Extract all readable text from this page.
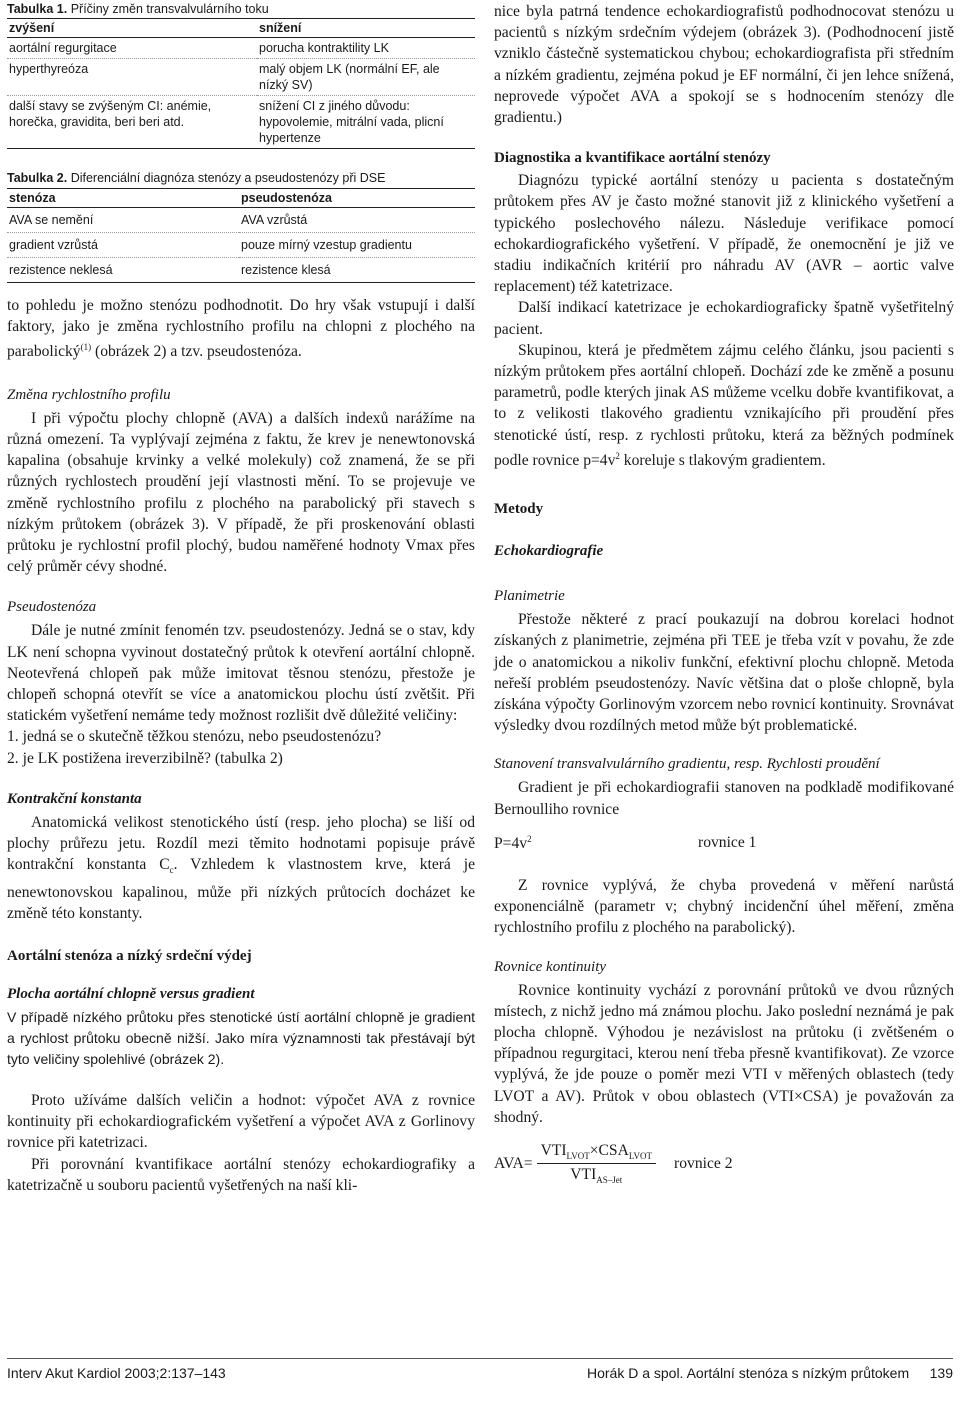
Tabulka 1. Příčiny změn transvalvulárního toku
zvýšení	snížení
aortální regurgitace	porucha kontraktility LK
hyperthyreóza	malý objem LK (normální EF, ale nízký SV)
další stavy se zvýšeným CI: anémie, horečka, gravidita, beri beri atd.	snížení CI z jiného důvodu: hypovolemie, mitrální vada, plicní hypertenze
Tabulka 2. Diferenciální diagnóza stenózy a pseudostenózy při DSE
stenóza	pseudostenóza
AVA se nemění	AVA vzrůstá
gradient vzrůstá	pouze mírný vzestup gradientu
rezistence neklesá	rezistence klesá

to pohledu je možno stenózu podhodnotit. Do hry však vstupují i další faktory, jako je změna rychlostního profilu na chlopni z plochého na parabolický$^{(1)}$ (obrázek 2) a tzv. pseudostenóza.

Změna rychlostního profilu

I při výpočtu plochy chlopně (AVA) a dalších indexů narážíme na různá omezení. Ta vyplývají zejména z faktu, že krev je nenewtonovská kapalina (obsahuje krvinky a velké molekuly) což znamená, že se při různých rychlostech proudění její vlastnosti mění. To se projevuje ve změně rychlostního profilu z plochého na parabolický při stavech s nízkým průtokem (obrázek 3). V případě, že při proskenování oblasti průtoku je rychlostní profil plochý, budou naměřené hodnoty Vmax přes celý průměr cévy shodné.

Pseudostenóza

Dále je nutné zmínit fenomén tzv. pseudostenózy. Jedná se o stav, kdy LK není schopna vyvinout dostatečný průtok k otevření aortální chlopně. Neotevřená chlopeň pak může imitovat těsnou stenózu, přestože je chlopeň schopná otevřít se více a anatomickou plochu ústí zvětšit. Při statickém vyšetření nemáme tedy možnost rozlišit dvě důležité veličiny:

1. jedná se o skutečně těžkou stenózu, nebo pseudostenózu?
2. je LK postižena ireverzibilně? (tabulka 2)
Kontrakční konstanta

Anatomická velikost stenotického ústí (resp. jeho plocha) se liší od plochy průřezu jetu. Rozdíl mezi těmito hodnotami popisuje právě kontrakční konstanta $C_c$. Vzhledem k vlastnostem krve, která je nenewtonovskou kapalinou, může při nízkých průtocích docházet ke změně této konstanty.

Aortální stenóza a nízký srdeční výdej
Plocha aortální chlopně versus gradient

V případě nízkého průtoku přes stenotické ústí aortální chlopně je gradient a rychlost průtoku obecně nižší. Jako míra významnosti tak přestávají být tyto veličiny spolehlivé (obrázek 2).

Proto užíváme dalších veličin a hodnot: výpočet AVA z rovnice kontinuity při echokardiografickém vyšetření a výpočet AVA z Gorlinovy rovnice při katetrizaci.

Při porovnání kvantifikace aortální stenózy echokardiografiky a katetrizačně u souboru pacientů vyšetřených na naší kli-

nice byla patrná tendence echokardiografistů podhodnocovat stenózu u pacientů s nízkým srdečním výdejem (obrázek 3). (Podhodnocení jistě vzniklo částečně systematickou chybou; echokardiografista při středním a nízkém gradientu, zejména pokud je EF normální, či jen lehce snížená, neprovede výpočet AVA a spokojí se s hodnocením stenózy dle gradientu.)

Diagnostika a kvantifikace aortální stenózy

Diagnózu typické aortální stenózy u pacienta s dostatečným průtokem přes AV je často možné stanovit již z klinického vyšetření a typického poslechového nálezu. Následuje verifikace pomocí echokardiografického vyšetření. V případě, že onemocnění je již ve stadiu indikačních kritérií pro náhradu AV (AVR – aortic valve replacement) též katetrizace.

Další indikací katetrizace je echokardiograficky špatně vyšetřitelný pacient.

Skupinou, která je předmětem zájmu celého článku, jsou pacienti s nízkým průtokem přes aortální chlopeň. Dochází zde ke změně a posunu parametrů, podle kterých jinak AS můžeme vcelku dobře kvantifikovat, a to z velikosti tlakového gradientu vznikajícího při proudění přes stenotické ústí, resp. z rychlosti průtoku, která za běžných podmínek podle rovnice $p=4v^2$ koreluje s tlakovým gradientem.

Metody
Echokardiografie
Planimetrie

Přestože některé z prací poukazují na dobrou korelaci hodnot získaných z planimetrie, zejména při TEE je třeba vzít v povahu, že zde jde o anatomickou a nikoliv funkční, efektivní plochu chlopně. Metoda neřeší problém pseudostenózy. Navíc většina dat o ploše chlopně, byla získána výpočty Gorlinovým vzorcem nebo rovnicí kontinuity. Srovnávat výsledky dvou rozdílných metod může být problematické.

Stanovení transvalvulárního gradientu, resp. Rychlosti proudění

Gradient je při echokardiografii stanoven na podkladě modifikované Bernoulliho rovnice

$P=4v^2$	rovnice 1

Z rovnice vyplývá, že chyba provedená v měření narůstá exponenciálně (parametr v; chybný incidenční úhel měření, změna rychlostního profilu z plochého na parabolický).

Rovnice kontinuity

Rovnice kontinuity vychází z porovnání průtoků ve dvou různých místech, z nichž jedno má známou plochu. Jako poslední neznámá je pak plocha chlopně. Výhodou je nezávislost na průtoku (i zvětšeném o případnou regurgitaci, kterou není třeba přesně kvantifikovat). Ze vzorce vyplývá, že jde pouze o poměr mezi VTI v měřených oblastech (tedy LVOT a AV). Průtok v obou oblastech (VTI×CSA) je považován za shodný.

$AVA= \frac{VTI_{LVOT}\times CSA_{LVOT}}{VTI_{AS-Jet}}$ rovnice 2
Interv Akut Kardiol 2003;2:137–143	Horák D a spol. Aortální stenóza s nízkým průtokem 139
